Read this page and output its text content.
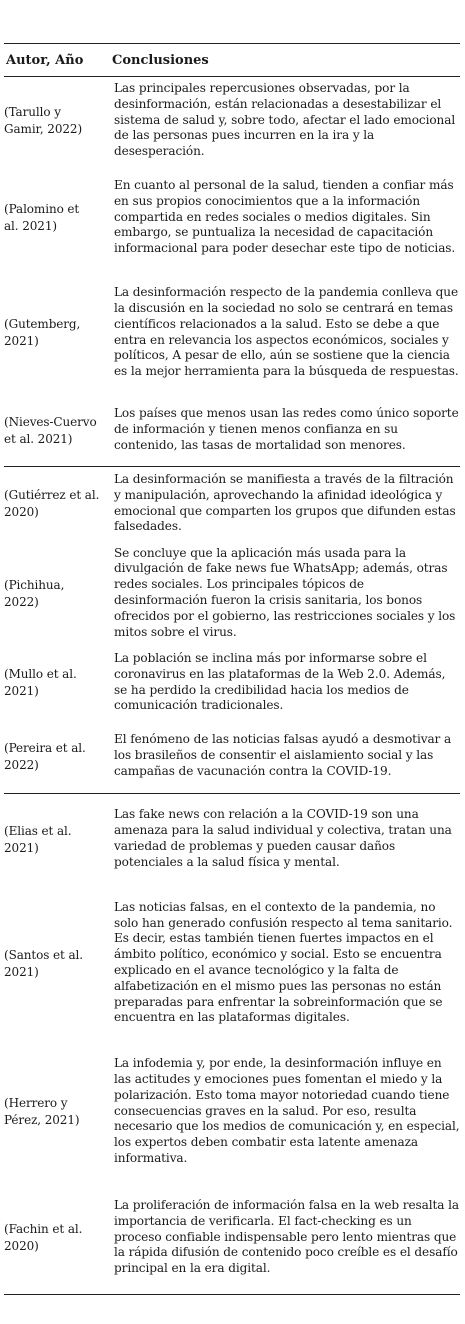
Autor, Año	Conclusiones
(Tarullo y
Gamir, 2022)
Las principales repercusiones observadas, por la desinformación, están relacionadas a desestabilizar el sistema de salud y, sobre todo, afectar el lado emocional de las personas pues incurren en la ira y la desesperación.
(Palomino et
al. 2021)
En cuanto al personal de la salud, tienden a confiar más en sus propios conocimientos que a la información compartida en redes sociales o medios digitales. Sin embargo, se puntualiza la necesidad de capacitación informacional para poder desechar este tipo de noticias.
(Gutemberg,
2021)
La desinformación respecto de la pandemia conlleva que la discusión en la sociedad no solo se centrará en temas científicos relacionados a la salud. Esto se debe a que entra en relevancia los aspectos económicos, sociales y políticos, A pesar de ello, aún se sostiene que la ciencia es la mejor herramienta para la búsqueda de respuestas.
(Nieves-Cuervo
et al. 2021)
Los países que menos usan las redes como único soporte de información y tienen menos confianza en su contenido, las tasas de mortalidad son menores.
(Gutiérrez et al.
2020)
La desinformación se manifiesta a través de la filtración y manipulación, aprovechando la afinidad ideológica y emocional que comparten los grupos que difunden estas falsedades.
(Pichihua,
2022)
Se concluye que la aplicación más usada para la divulgación de fake news fue WhatsApp; además, otras redes sociales. Los principales tópicos de desinformación fueron la crisis sanitaria, los bonos ofrecidos por el gobierno, las restricciones sociales y los mitos sobre el virus.
(Mullo et al.
2021)
La población se inclina más por informarse sobre el coronavirus en las plataformas de la Web 2.0. Además, se ha perdido la credibilidad hacia los medios de comunicación tradicionales.
(Pereira et al.
2022)
El fenómeno de las noticias falsas ayudó a desmotivar a los brasileños de consentir el aislamiento social y las campañas de vacunación contra la COVID-19.
(Elias et al.
2021)
Las fake news con relación a la COVID-19 son una amenaza para la salud individual y colectiva, tratan una variedad de problemas y pueden causar daños potenciales a la salud física y mental.
(Santos et al.
2021)
Las noticias falsas, en el contexto de la pandemia, no solo han generado confusión respecto al tema sanitario. Es decir, estas también tienen fuertes impactos en el ámbito político, económico y social. Esto se encuentra explicado en el avance tecnológico y la falta de alfabetización en el mismo pues las personas no están preparadas para enfrentar la sobreinformación que se encuentra en las plataformas digitales.
(Herrero y
Pérez, 2021)
La infodemia y, por ende, la desinformación influye en las actitudes y emociones pues fomentan el miedo y la polarización. Esto toma mayor notoriedad cuando tiene consecuencias graves en la salud. Por eso, resulta necesario que los medios de comunicación y, en especial, los expertos deben combatir esta latente amenaza informativa.
(Fachin et al.
2020)
La proliferación de información falsa en la web resalta la importancia de verificarla. El fact-checking es un proceso confiable indispensable pero lento mientras que la rápida difusión de contenido poco creíble es el desafío principal en la era digital.
